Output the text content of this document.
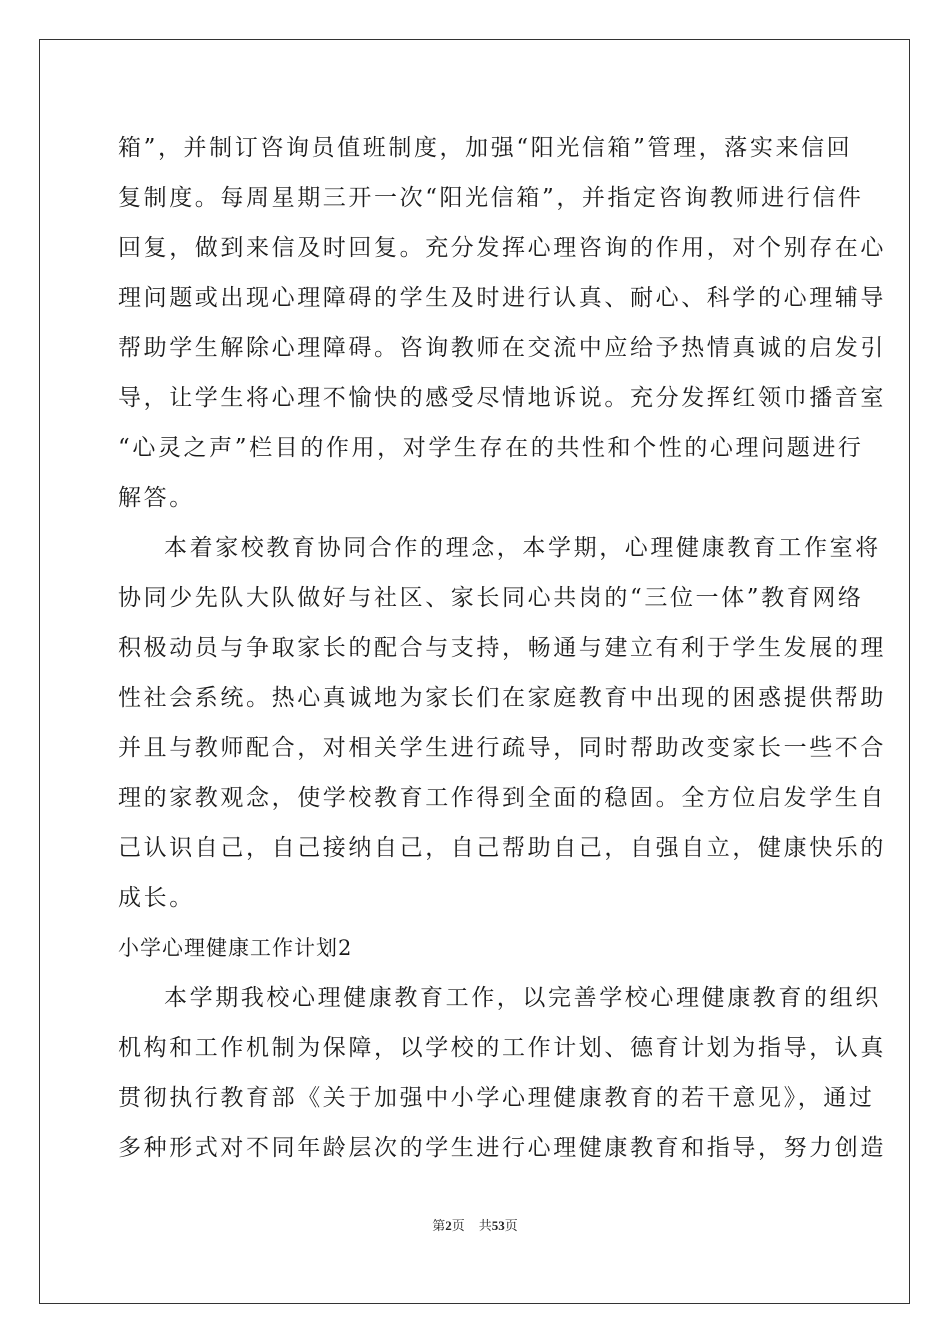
箱”，并制订咨询员值班制度，加强“阳光信箱”管理，落实来信回
复制度。每周星期三开一次“阳光信箱”，并指定咨询教师进行信件
回复，做到来信及时回复。充分发挥心理咨询的作用，对个别存在心
理问题或出现心理障碍的学生及时进行认真、耐心、科学的心理辅导
帮助学生解除心理障碍。咨询教师在交流中应给予热情真诚的启发引
导，让学生将心理不愉快的感受尽情地诉说。充分发挥红领巾播音室
“心灵之声”栏目的作用，对学生存在的共性和个性的心理问题进行
解答。
本着家校教育协同合作的理念，本学期，心理健康教育工作室将
协同少先队大队做好与社区、家长同心共岗的“三位一体”教育网络
积极动员与争取家长的配合与支持，畅通与建立有利于学生发展的理
性社会系统。热心真诚地为家长们在家庭教育中出现的困惑提供帮助
并且与教师配合，对相关学生进行疏导，同时帮助改变家长一些不合
理的家教观念，使学校教育工作得到全面的稳固。全方位启发学生自
己认识自己，自己接纳自己，自己帮助自己，自强自立，健康快乐的
成长。
小学心理健康工作计划2
本学期我校心理健康教育工作，以完善学校心理健康教育的组织
机构和工作机制为保障，以学校的工作计划、德育计划为指导，认真
贯彻执行教育部《关于加强中小学心理健康教育的若干意见》，通过
多种形式对不同年龄层次的学生进行心理健康教育和指导，努力创造
第2页 共53页
